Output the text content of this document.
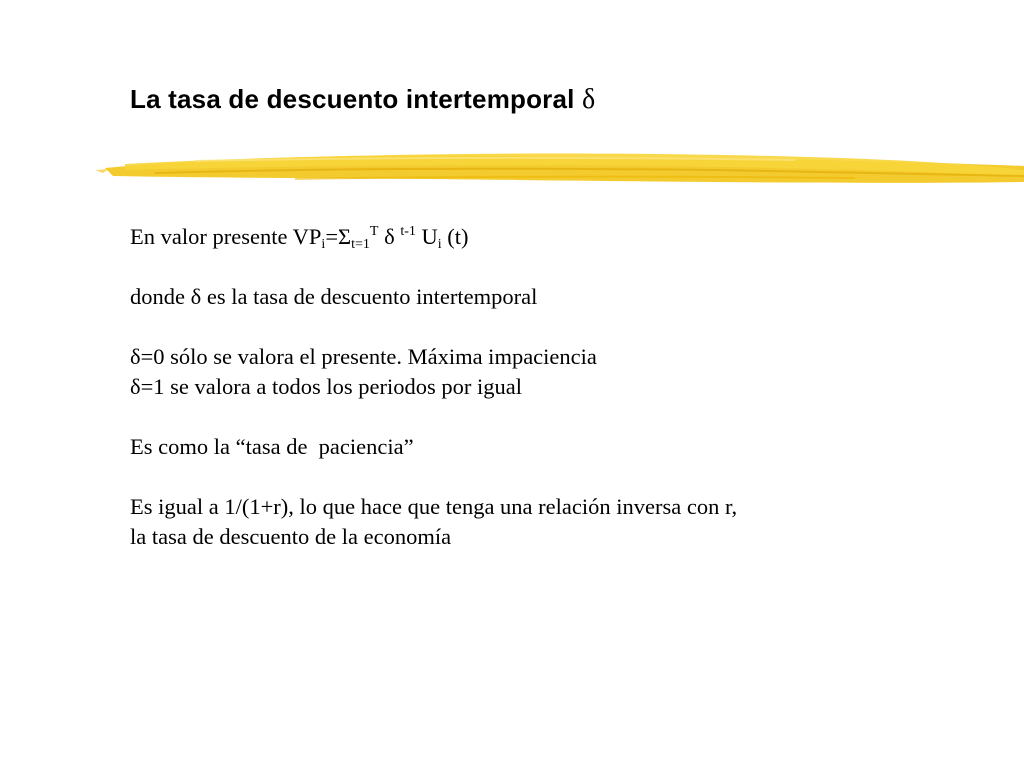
La tasa de descuento intertemporal δ
En valor presente $VP_i=\Sigma_{t=1}^T$ δ $^{t-1}$ $U_i$ (t)
donde δ es la tasa de descuento intertemporal
δ=0 sólo se valora el presente. Máxima impaciencia
δ=1 se valora a todos los periodos por igual
Es como la “tasa de  paciencia”
Es igual a 1/(1+r), lo que hace que tenga una relación inversa con r,
la tasa de descuento de la economía
